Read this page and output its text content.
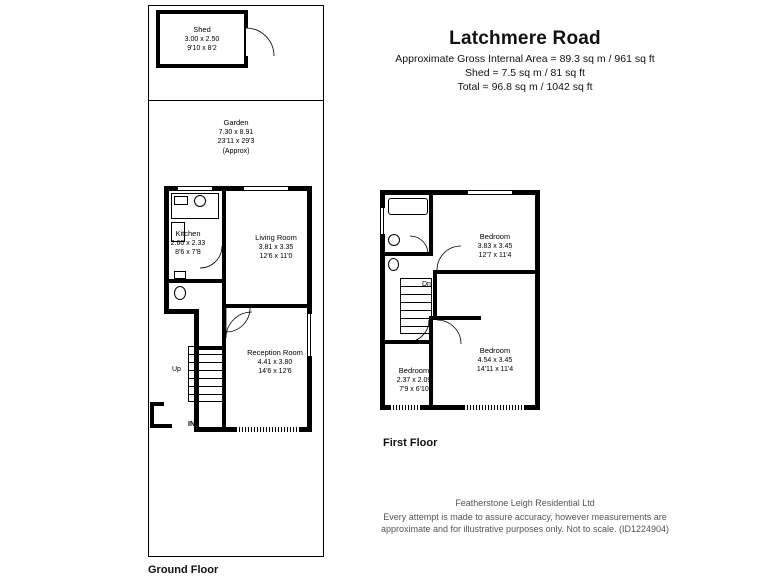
Latchmere Road
Approximate Gross Internal Area = 89.3 sq m / 961 sq ft
Shed = 7.5 sq m / 81 sq ft
Total = 96.8 sq m / 1042 sq ft
Shed
3.00 x 2.50
9'10 x 8'2
Garden
7.30 x 8.91
23'11 x 29'3
(Approx)
Kitchen
2.60 x 2.33
8'6 x 7'8
Living Room
3.81 x 3.35
12'6 x 11'0
Reception Room
4.41 x 3.80
14'6 x 12'6
Up
IN
Bedroom
3.83 x 3.45
12'7 x 11'4
Bedroom
4.54 x 3.45
14'11 x 11'4
Bedroom
2.37 x 2.09
7'9 x 6'10
Dn
Ground Floor
First Floor
Featherstone Leigh Residential Ltd
Every attempt is made to assure accuracy, however measurements are
approximate and for illustrative purposes only. Not to scale. (ID1224904)
